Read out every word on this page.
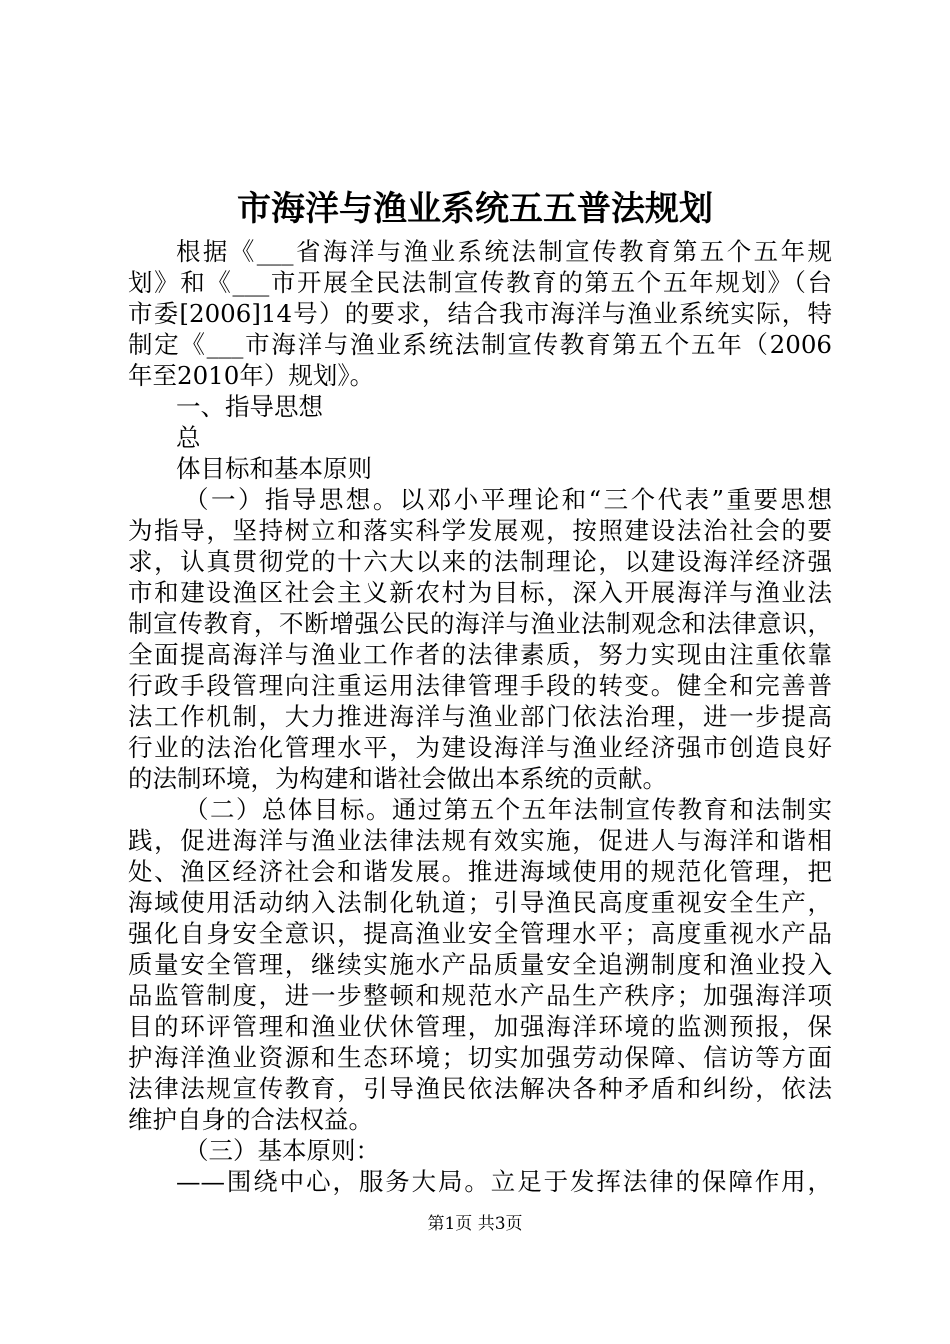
市海洋与渔业系统五五普法规划
根据《___省海洋与渔业系统法制宣传教育第五个五年规
划》和《___市开展全民法制宣传教育的第五个五年规划》（台
市委[2006]14号）的要求，结合我市海洋与渔业系统实际，特
制定《___市海洋与渔业系统法制宣传教育第五个五年（2006
年至2010年）规划》。
一、指导思想
总
体目标和基本原则
（一）指导思想。以邓小平理论和“三个代表”重要思想
为指导，坚持树立和落实科学发展观，按照建设法治社会的要
求，认真贯彻党的十六大以来的法制理论，以建设海洋经济强
市和建设渔区社会主义新农村为目标，深入开展海洋与渔业法
制宣传教育，不断增强公民的海洋与渔业法制观念和法律意识，
全面提高海洋与渔业工作者的法律素质，努力实现由注重依靠
行政手段管理向注重运用法律管理手段的转变。健全和完善普
法工作机制，大力推进海洋与渔业部门依法治理，进一步提高
行业的法治化管理水平，为建设海洋与渔业经济强市创造良好
的法制环境，为构建和谐社会做出本系统的贡献。
（二）总体目标。通过第五个五年法制宣传教育和法制实
践，促进海洋与渔业法律法规有效实施，促进人与海洋和谐相
处、渔区经济社会和谐发展。推进海域使用的规范化管理，把
海域使用活动纳入法制化轨道；引导渔民高度重视安全生产，
强化自身安全意识，提高渔业安全管理水平；高度重视水产品
质量安全管理，继续实施水产品质量安全追溯制度和渔业投入
品监管制度，进一步整顿和规范水产品生产秩序；加强海洋项
目的环评管理和渔业伏休管理，加强海洋环境的监测预报，保
护海洋渔业资源和生态环境；切实加强劳动保障、信访等方面
法律法规宣传教育，引导渔民依法解决各种矛盾和纠纷，依法
维护自身的合法权益。
（三）基本原则：
——围绕中心，服务大局。立足于发挥法律的保障作用，
第1页 共3页
